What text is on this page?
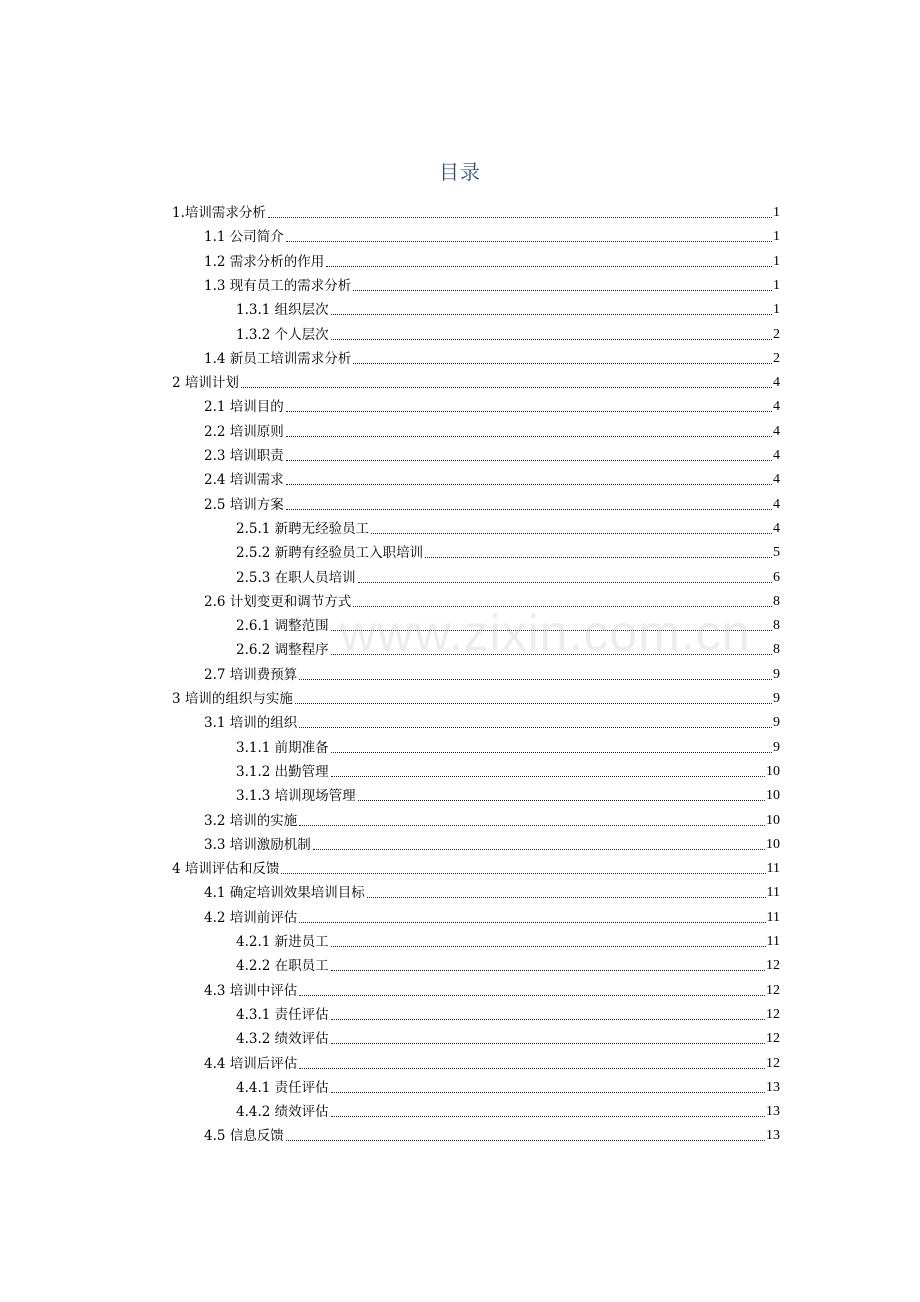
目录
1.培训需求分析	1
1.1 公司简介	1
1.2 需求分析的作用	1
1.3 现有员工的需求分析	1
1.3.1 组织层次	1
1.3.2 个人层次	2
1.4 新员工培训需求分析	2
2 培训计划	4
2.1 培训目的	4
2.2 培训原则	4
2.3 培训职责	4
2.4 培训需求	4
2.5 培训方案	4
2.5.1 新聘无经验员工	4
2.5.2 新聘有经验员工入职培训	5
2.5.3 在职人员培训	6
2.6 计划变更和调节方式	8
2.6.1 调整范围	8
2.6.2 调整程序	8
2.7 培训费预算	9
3 培训的组织与实施	9
3.1 培训的组织	9
3.1.1 前期准备	9
3.1.2 出勤管理	10
3.1.3 培训现场管理	10
3.2 培训的实施	10
3.3 培训激励机制	10
4 培训评估和反馈	11
4.1 确定培训效果培训目标	11
4.2 培训前评估	11
4.2.1 新进员工	11
4.2.2 在职员工	12
4.3 培训中评估	12
4.3.1 责任评估	12
4.3.2 绩效评估	12
4.4 培训后评估	12
4.4.1 责任评估	13
4.4.2 绩效评估	13
4.5 信息反馈	13
www.zixin.com.cn
